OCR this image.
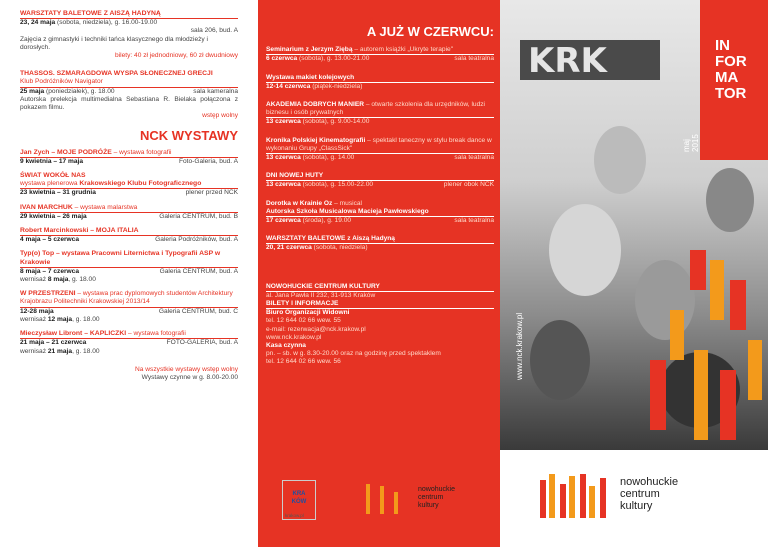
WARSZTATY BALETOWE Z AISZĄ HADYNĄ
23, 24 maja (sobota, niedziela), g. 16.00-19.00
sala 206, bud. A
Zajęcia z gimnastyki i techniki tańca klasycznego dla młodzieży i dorosłych.
bilety: 40 zł jednodniowy, 60 zł dwudniowy
THASSOS. SZMARAGDOWA WYSPA SŁONECZNEJ GRECJI
Klub Podróżników Navigator
25 maja (poniedziałek), g. 18.00	sala kameralna
Autorska prelekcja multimedialna Sebastiana R. Bielaka połączona z pokazem filmu.
wstęp wolny
NCK WYSTAWY
Jan Zych – MOJE PODRÓŻE – wystawa fotografii
9 kwietnia – 17 maja	Foto-Galeria, bud. A
ŚWIAT WOKÓŁ NAS
wystawa plenerowa Krakowskiego Klubu Fotograficznego
23 kwietnia – 31 grudnia	plener przed NCK
IVAN MARCHUK – wystawa malarstwa
29 kwietnia – 26 maja	Galeria CENTRUM, bud. B
Robert Marcinkowski – MOJA ITALIA
4 maja – 5 czerwca	Galeria Podróżników, bud. A
Typ(o) Top – wystawa Pracowni Liternictwa i Typografii ASP w Krakowie
8 maja – 7 czerwca	Galeria CENTRUM, bud. A
wernisaż 8 maja, g. 18.00
W PRZESTRZENI – wystawa prac dyplomowych studentów Architektury Krajobrazu Politechniki Krakowskiej 2013/14
12-28 maja	Galeria CENTRUM, bud. C
wernisaż 12 maja, g. 18.00
Mieczysław Libront – KAPLICZKI – wystawa fotografii
21 maja – 21 czerwca	FOTO-GALERIA, bud. A
wernisaż 21 maja, g. 18.00
Na wszystkie wystawy wstęp wolny
Wystawy czynne w g. 8.00-20.00
A JUŻ W CZERWCU:
Seminarium z Jerzym Ziębą – autorem książki „Ukryte terapie"
6 czerwca (sobota), g. 13.00-21.00	sala teatralna
Wystawa makiet kolejowych
12-14 czerwca (piątek-niedziela)
AKADEMIA DOBRYCH MANIER – otwarte szkolenia dla urzędników, ludzi biznesu i osób prywatnych
13 czerwca (sobota), g. 9.00-14.00
Kronika Polskiej Kinematografii – spektakl taneczny w stylu break dance w wykonaniu Grupy „ClassSick"
13 czerwca (sobota), g. 14.00	sala teatralna
DNI NOWEJ HUTY
13 czerwca (sobota), g. 15.00-22.00	plener obok NCK
Dorotka w Krainie Oz – musical
Autorska Szkoła Musicalowa Macieja Pawłowskiego
17 czerwca (środa), g. 19.00	sala teatralna
WARSZTATY BALETOWE z Aiszą Hadyną
20, 21 czerwca (sobota, niedziela)
NOWOHUCKIE CENTRUM KULTURY
al. Jana Pawła II 232, 31-913 Kraków
BILETY I INFORMACJE
Biuro Organizacji Widowni
tel. 12 644 02 66 wew. 55
e-mail: rezerwacja@nck.krakow.pl
www.nck.krakow.pl
Kasa czynna
pn. – sb. w g. 8.30-20.00 oraz na godzinę przed spektaklem
tel. 12 644 02 66 wew. 56
KRK	IN
FOR
MA
TOR
maj 2015
www.nck.krakow.pl
KRA
KÓW
krakow.pl
nowohuckie
centrum
kultury
nowohuckie
centrum
kultury
